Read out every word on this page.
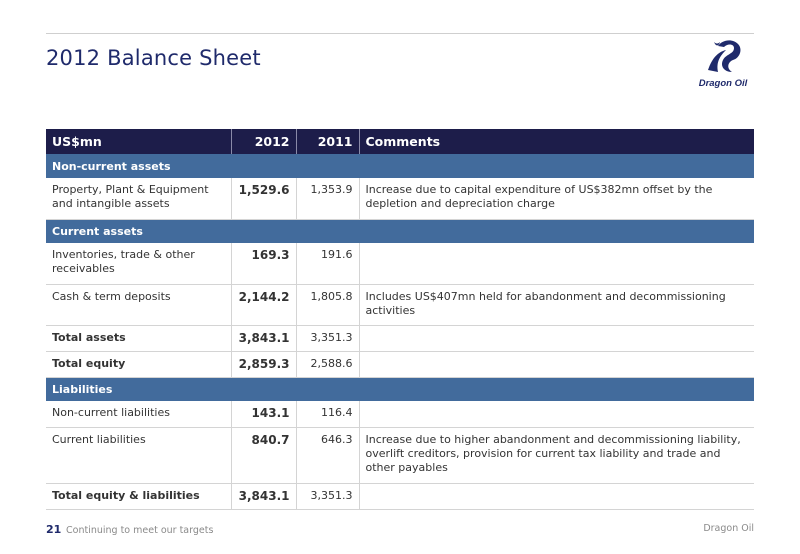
2012 Balance Sheet
Dragon Oil
US$mn	2012	2011	Comments
Non-current assets			
Property, Plant & Equipment and intangible assets	1,529.6	1,353.9	Increase due to capital expenditure of US$382mn offset by the depletion and depreciation charge
Current assets			
Inventories, trade & other receivables	169.3	191.6	
Cash & term deposits	2,144.2	1,805.8	Includes US$407mn held for abandonment and decommissioning activities
Total assets	3,843.1	3,351.3	
Total equity	2,859.3	2,588.6	
Liabilities			
Non-current liabilities	143.1	116.4	
Current liabilities	840.7	646.3	Increase due to higher abandonment and decommissioning liability, overlift creditors, provision for current tax liability and trade and other payables
Total equity & liabilities	3,843.1	3,351.3	
21 Continuing to meet our targets	Dragon Oil
